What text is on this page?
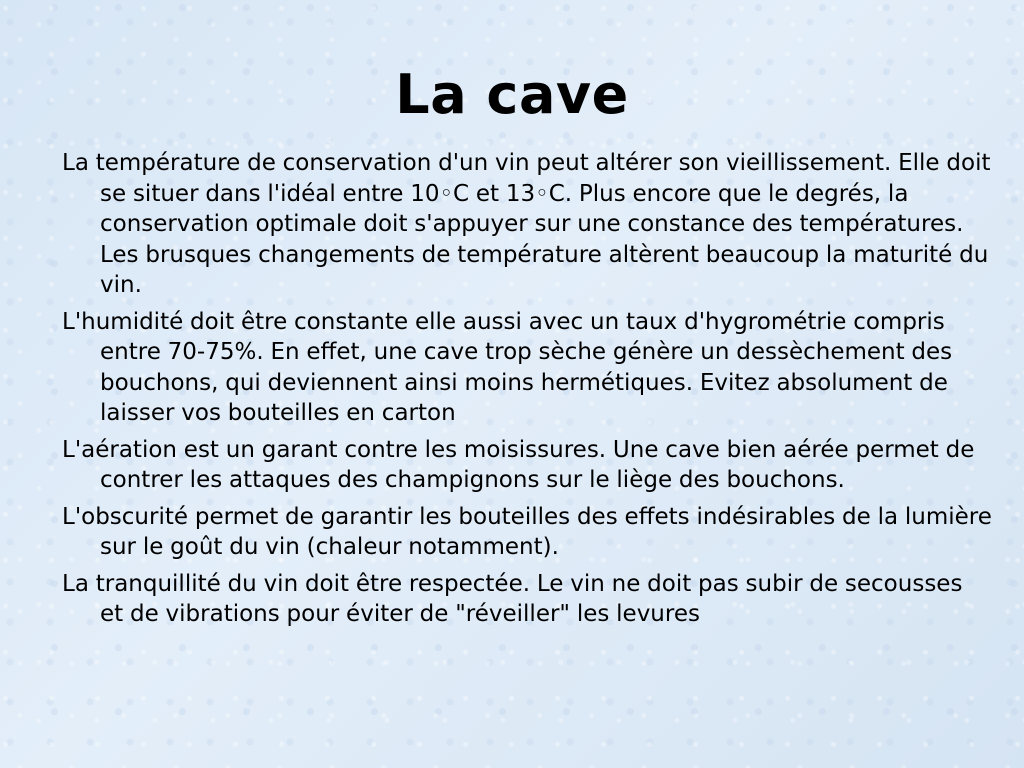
La cave

La température de conservation d'un vin peut altérer son vieillissement. Elle doit se situer dans l'idéal entre 10◦C et 13◦C. Plus encore que le degrés, la conservation optimale doit s'appuyer sur une constance des températures. Les brusques changements de température altèrent beaucoup la maturité du vin.

L'humidité doit être constante elle aussi avec un taux d'hygrométrie compris entre 70-75%. En effet, une cave trop sèche génère un dessèchement des bouchons, qui deviennent ainsi moins hermétiques. Evitez absolument de laisser vos bouteilles en carton

L'aération est un garant contre les moisissures. Une cave bien aérée permet de contrer les attaques des champignons sur le liège des bouchons.

L'obscurité permet de garantir les bouteilles des effets indésirables de la lumière sur le goût du vin (chaleur notamment).

La tranquillité du vin doit être respectée. Le vin ne doit pas subir de secousses et de vibrations pour éviter de "réveiller" les levures
